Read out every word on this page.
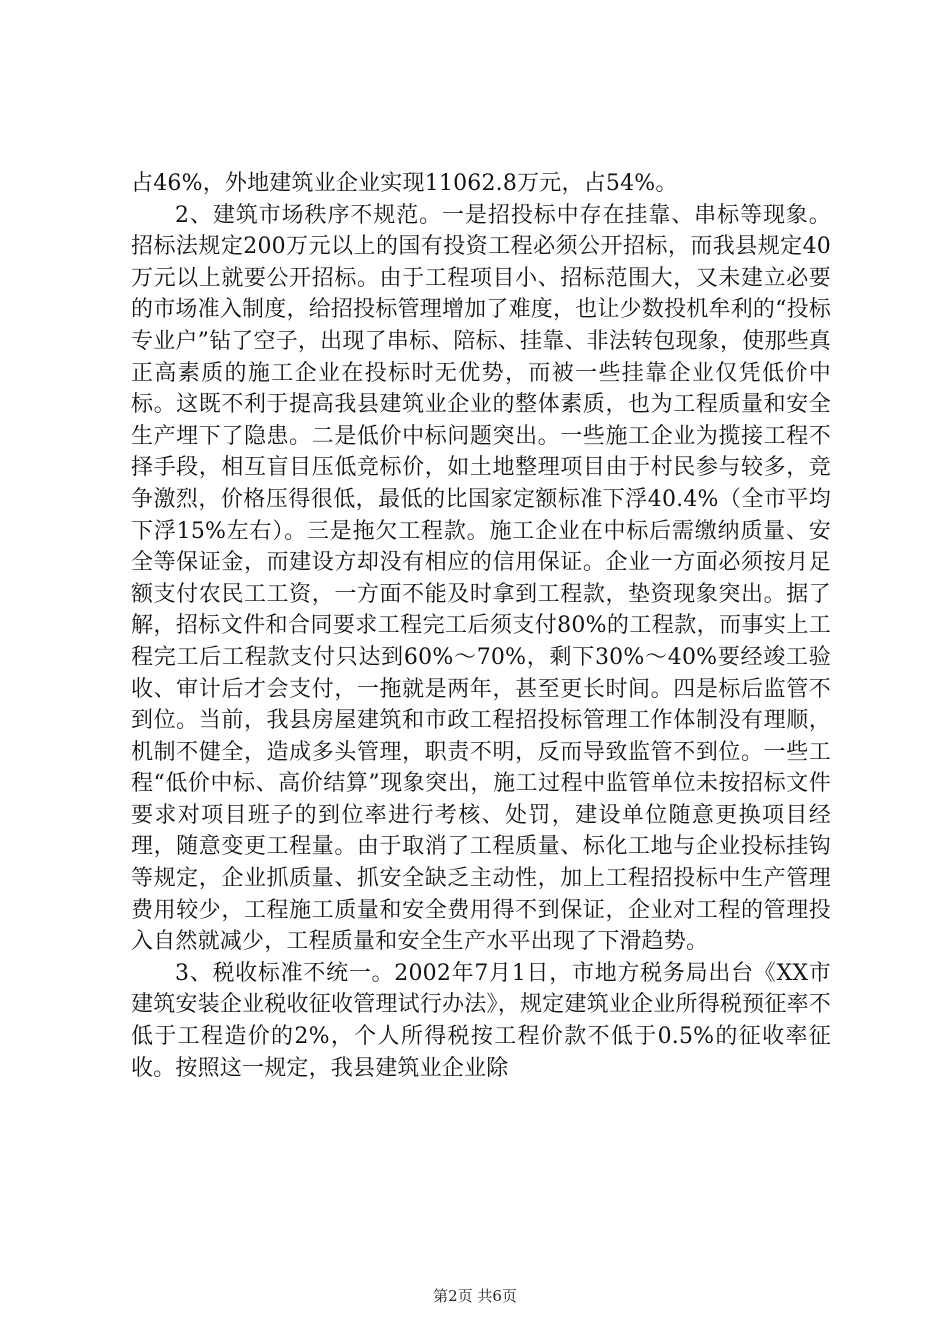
占46%，外地建筑业企业实现11062.8万元，占54%。

2、建筑市场秩序不规范。一是招投标中存在挂靠、串标等现象。招标法规定200万元以上的国有投资工程必须公开招标，而我县规定40万元以上就要公开招标。由于工程项目小、招标范围大，又未建立必要的市场准入制度，给招投标管理增加了难度，也让少数投机牟利的“投标专业户”钻了空子，出现了串标、陪标、挂靠、非法转包现象，使那些真正高素质的施工企业在投标时无优势，而被一些挂靠企业仅凭低价中标。这既不利于提高我县建筑业企业的整体素质，也为工程质量和安全生产埋下了隐患。二是低价中标问题突出。一些施工企业为揽接工程不择手段，相互盲目压低竞标价，如土地整理项目由于村民参与较多，竞争激烈，价格压得很低，最低的比国家定额标准下浮40.4%（全市平均下浮15%左右）。三是拖欠工程款。施工企业在中标后需缴纳质量、安全等保证金，而建设方却没有相应的信用保证。企业一方面必须按月足额支付农民工工资，一方面不能及时拿到工程款，垫资现象突出。据了解，招标文件和合同要求工程完工后须支付80%的工程款，而事实上工程完工后工程款支付只达到60%～70%，剩下30%～40%要经竣工验收、审计后才会支付，一拖就是两年，甚至更长时间。四是标后监管不到位。当前，我县房屋建筑和市政工程招投标管理工作体制没有理顺，机制不健全，造成多头管理，职责不明，反而导致监管不到位。一些工程“低价中标、高价结算”现象突出，施工过程中监管单位未按招标文件要求对项目班子的到位率进行考核、处罚，建设单位随意更换项目经理，随意变更工程量。由于取消了工程质量、标化工地与企业投标挂钩等规定，企业抓质量、抓安全缺乏主动性，加上工程招投标中生产管理费用较少，工程施工质量和安全费用得不到保证，企业对工程的管理投入自然就减少，工程质量和安全生产水平出现了下滑趋势。

3、税收标准不统一。2002年7月1日，市地方税务局出台《XX市建筑安装企业税收征收管理试行办法》，规定建筑业企业所得税预征率不低于工程造价的2%，个人所得税按工程价款不低于0.5%的征收率征收。按照这一规定，我县建筑业企业除

第2页 共6页
